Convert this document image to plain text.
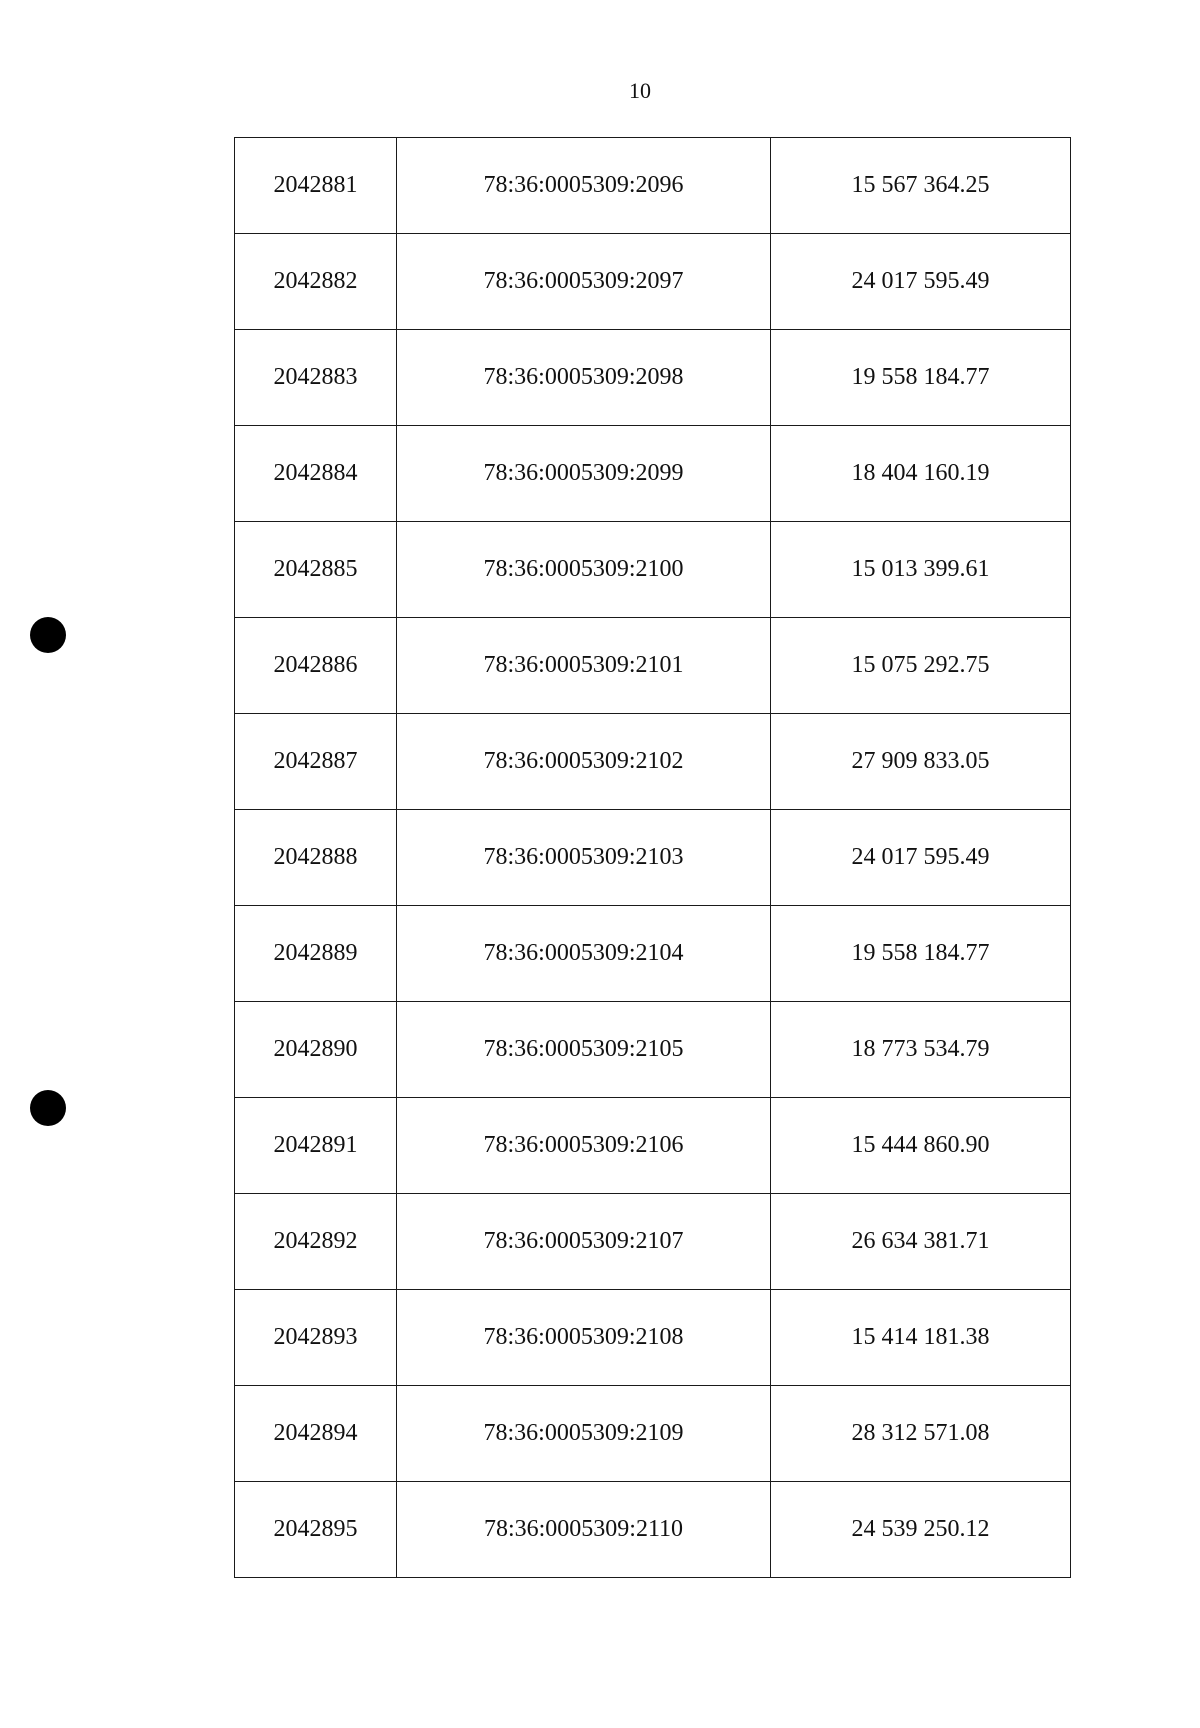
10
2042881	78:36:0005309:2096	15 567 364.25
2042882	78:36:0005309:2097	24 017 595.49
2042883	78:36:0005309:2098	19 558 184.77
2042884	78:36:0005309:2099	18 404 160.19
2042885	78:36:0005309:2100	15 013 399.61
2042886	78:36:0005309:2101	15 075 292.75
2042887	78:36:0005309:2102	27 909 833.05
2042888	78:36:0005309:2103	24 017 595.49
2042889	78:36:0005309:2104	19 558 184.77
2042890	78:36:0005309:2105	18 773 534.79
2042891	78:36:0005309:2106	15 444 860.90
2042892	78:36:0005309:2107	26 634 381.71
2042893	78:36:0005309:2108	15 414 181.38
2042894	78:36:0005309:2109	28 312 571.08
2042895	78:36:0005309:2110	24 539 250.12
